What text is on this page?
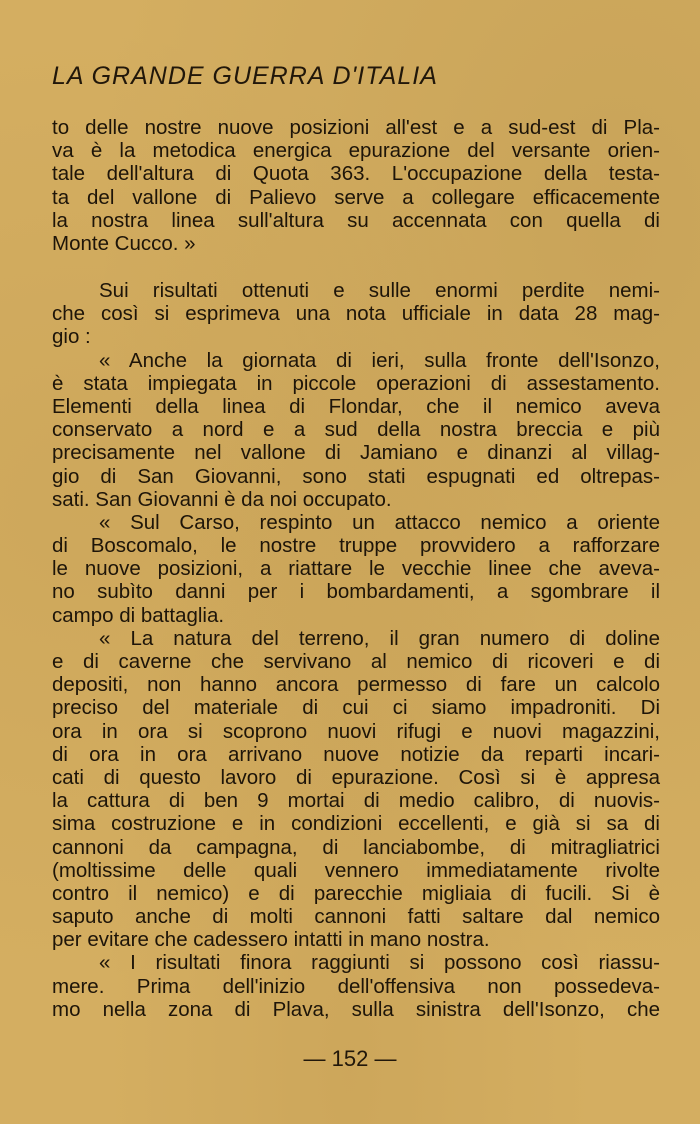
LA GRANDE GUERRA D'ITALIA
to delle nostre nuove posizioni all'est e a sud-est di Pla-
va è la metodica energica epurazione del versante orien-
tale dell'altura di Quota 363. L'occupazione della testa-
ta del vallone di Palievo serve a collegare efficacemente
la nostra linea sull'altura su accennata con quella di
Monte Cucco. »
Sui risultati ottenuti e sulle enormi perdite nemi-
che così si esprimeva una nota ufficiale in data 28 mag-
gio :
« Anche la giornata di ieri, sulla fronte dell'Isonzo,
è stata impiegata in piccole operazioni di assestamento.
Elementi della linea di Flondar, che il nemico aveva
conservato a nord e a sud della nostra breccia e più
precisamente nel vallone di Jamiano e dinanzi al villag-
gio di San Giovanni, sono stati espugnati ed oltrepas-
sati. San Giovanni è da noi occupato.
« Sul Carso, respinto un attacco nemico a oriente
di Boscomalo, le nostre truppe provvidero a rafforzare
le nuove posizioni, a riattare le vecchie linee che aveva-
no subìto danni per i bombardamenti, a sgombrare il
campo di battaglia.
« La natura del terreno, il gran numero di doline
e di caverne che servivano al nemico di ricoveri e di
depositi, non hanno ancora permesso di fare un calcolo
preciso del materiale di cui ci siamo impadroniti. Di
ora in ora si scoprono nuovi rifugi e nuovi magazzini,
di ora in ora arrivano nuove notizie da reparti incari-
cati di questo lavoro di epurazione. Così si è appresa
la cattura di ben 9 mortai di medio calibro, di nuovis-
sima costruzione e in condizioni eccellenti, e già si sa di
cannoni da campagna, di lanciabombe, di mitragliatrici
(moltissime delle quali vennero immediatamente rivolte
contro il nemico) e di parecchie migliaia di fucili. Si è
saputo anche di molti cannoni fatti saltare dal nemico
per evitare che cadessero intatti in mano nostra.
« I risultati finora raggiunti si possono così riassu-
mere. Prima dell'inizio dell'offensiva non possedeva-
mo nella zona di Plava, sulla sinistra dell'Isonzo, che
— 152 —
